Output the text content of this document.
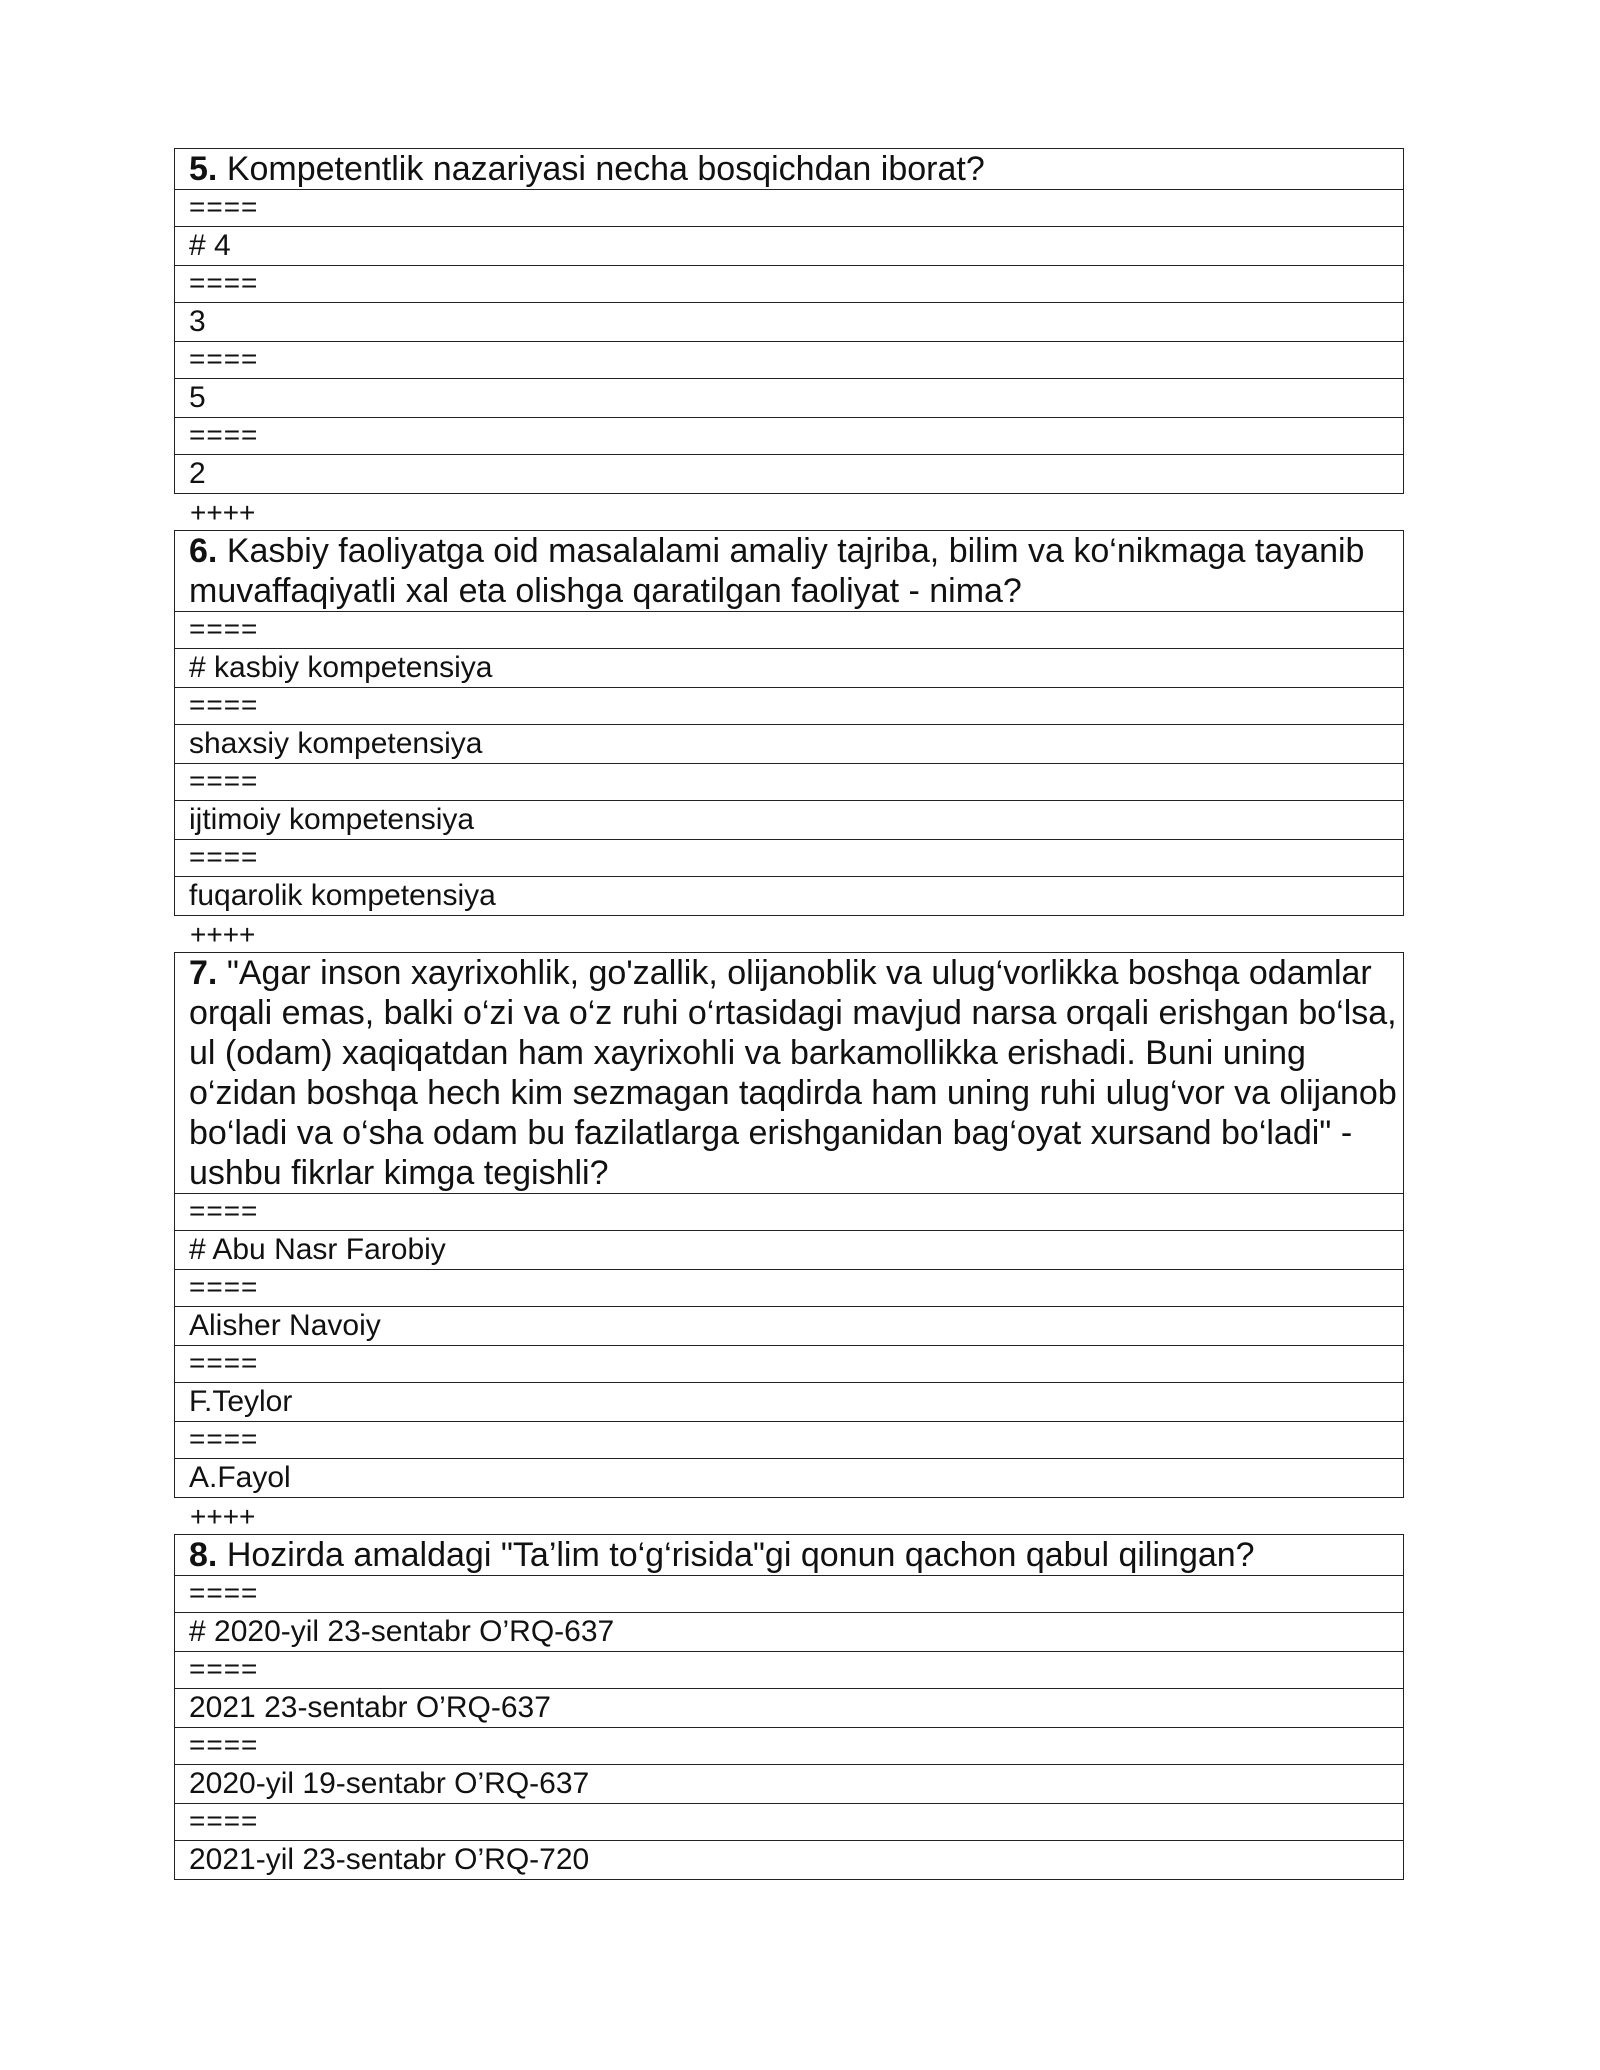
5. Kompetentlik nazariyasi necha bosqichdan iborat?
====
# 4
====
3
====
5
====
2
++++
6. Kasbiy faoliyatga oid masalalami amaliy tajriba, bilim va ko‘nikmaga tayanib muvaffaqiyatli xal eta olishga qaratilgan faoliyat - nima?
====
# kasbiy kompetensiya
====
shaxsiy kompetensiya
====
ijtimoiy kompetensiya
====
fuqarolik kompetensiya
++++
7. "Agar inson xayrixohlik, go'zallik, olijanoblik va ulug‘vorlikka boshqa odamlar orqali emas, balki o‘zi va o‘z ruhi o‘rtasidagi mavjud narsa orqali erishgan bo‘lsa, ul (odam) xaqiqatdan ham xayrixohli va barkamollikka erishadi. Buni uning o‘zidan boshqa hech kim sezmagan taqdirda ham uning ruhi ulug‘vor va olijanob bo‘ladi va o‘sha odam bu fazilatlarga erishganidan bag‘oyat xursand bo‘ladi" - ushbu fikrlar kimga tegishli?
====
# Abu Nasr Farobiy
====
Alisher Navoiy
====
F.Teylor
====
A.Fayol
++++
8. Hozirda amaldagi "Ta’lim to‘g‘risida"gi qonun qachon qabul qilingan?
====
# 2020-yil 23-sentabr O’RQ-637
====
2021 23-sentabr O’RQ-637
====
2020-yil 19-sentabr O’RQ-637
====
2021-yil 23-sentabr O’RQ-720
